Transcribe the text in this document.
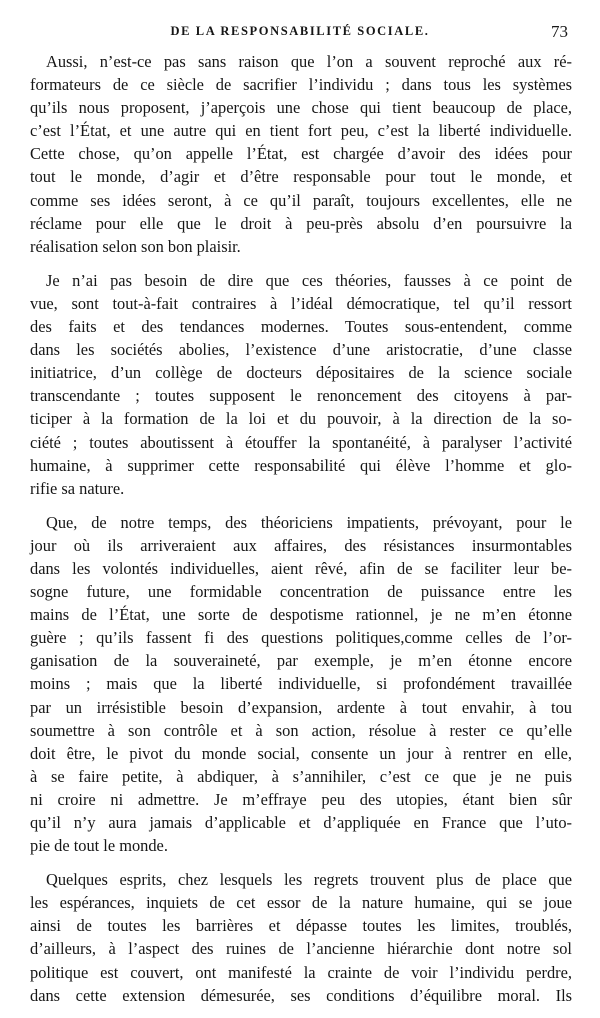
DE LA RESPONSABILITÉ SOCIALE.	73
Aussi, n’est-ce pas sans raison que l’on a souvent reproché aux ré-
formateurs de ce siècle de sacrifier l’individu ; dans tous les systèmes
qu’ils nous proposent, j’aperçois une chose qui tient beaucoup de place,
c’est l’État, et une autre qui en tient fort peu, c’est la liberté individuelle.
Cette chose, qu’on appelle l’État, est chargée d’avoir des idées pour
tout le monde, d’agir et d’être responsable pour tout le monde, et
comme ses idées seront, à ce qu’il paraît, toujours excellentes, elle ne
réclame pour elle que le droit à peu-près absolu d’en poursuivre la
réalisation selon son bon plaisir.
Je n’ai pas besoin de dire que ces théories, fausses à ce point de
vue, sont tout-à-fait contraires à l’idéal démocratique, tel qu’il ressort
des faits et des tendances modernes. Toutes sous-entendent, comme
dans les sociétés abolies, l’existence d’une aristocratie, d’une classe
initiatrice, d’un collège de docteurs dépositaires de la science sociale
transcendante ; toutes supposent le renoncement des citoyens à par-
ticiper à la formation de la loi et du pouvoir, à la direction de la so-
ciété ; toutes aboutissent à étouffer la spontanéité, à paralyser l’activité
humaine, à supprimer cette responsabilité qui élève l’homme et glo-
rifie sa nature.
Que, de notre temps, des théoriciens impatients, prévoyant, pour le
jour où ils arriveraient aux affaires, des résistances insurmontables
dans les volontés individuelles, aient rêvé, afin de se faciliter leur be-
sogne future, une formidable concentration de puissance entre les
mains de l’État, une sorte de despotisme rationnel, je ne m’en étonne
guère ; qu’ils fassent fi des questions politiques,comme celles de l’or-
ganisation de la souveraineté, par exemple, je m’en étonne encore
moins ; mais que la liberté individuelle, si profondément travaillée
par un irrésistible besoin d’expansion, ardente à tout envahir, à tou
soumettre à son contrôle et à son action, résolue à rester ce qu’elle
doit être, le pivot du monde social, consente un jour à rentrer en elle,
à se faire petite, à abdiquer, à s’annihiler, c’est ce que je ne puis
ni croire ni admettre. Je m’effraye peu des utopies, étant bien sûr
qu’il n’y aura jamais d’applicable et d’appliquée en France que l’uto-
pie de tout le monde.
Quelques esprits, chez lesquels les regrets trouvent plus de place que
les espérances, inquiets de cet essor de la nature humaine, qui se joue
ainsi de toutes les barrières et dépasse toutes les limites, troublés,
d’ailleurs, à l’aspect des ruines de l’ancienne hiérarchie dont notre sol
politique est couvert, ont manifesté la crainte de voir l’individu perdre,
dans cette extension démesurée, ses conditions d’équilibre moral. Ils
